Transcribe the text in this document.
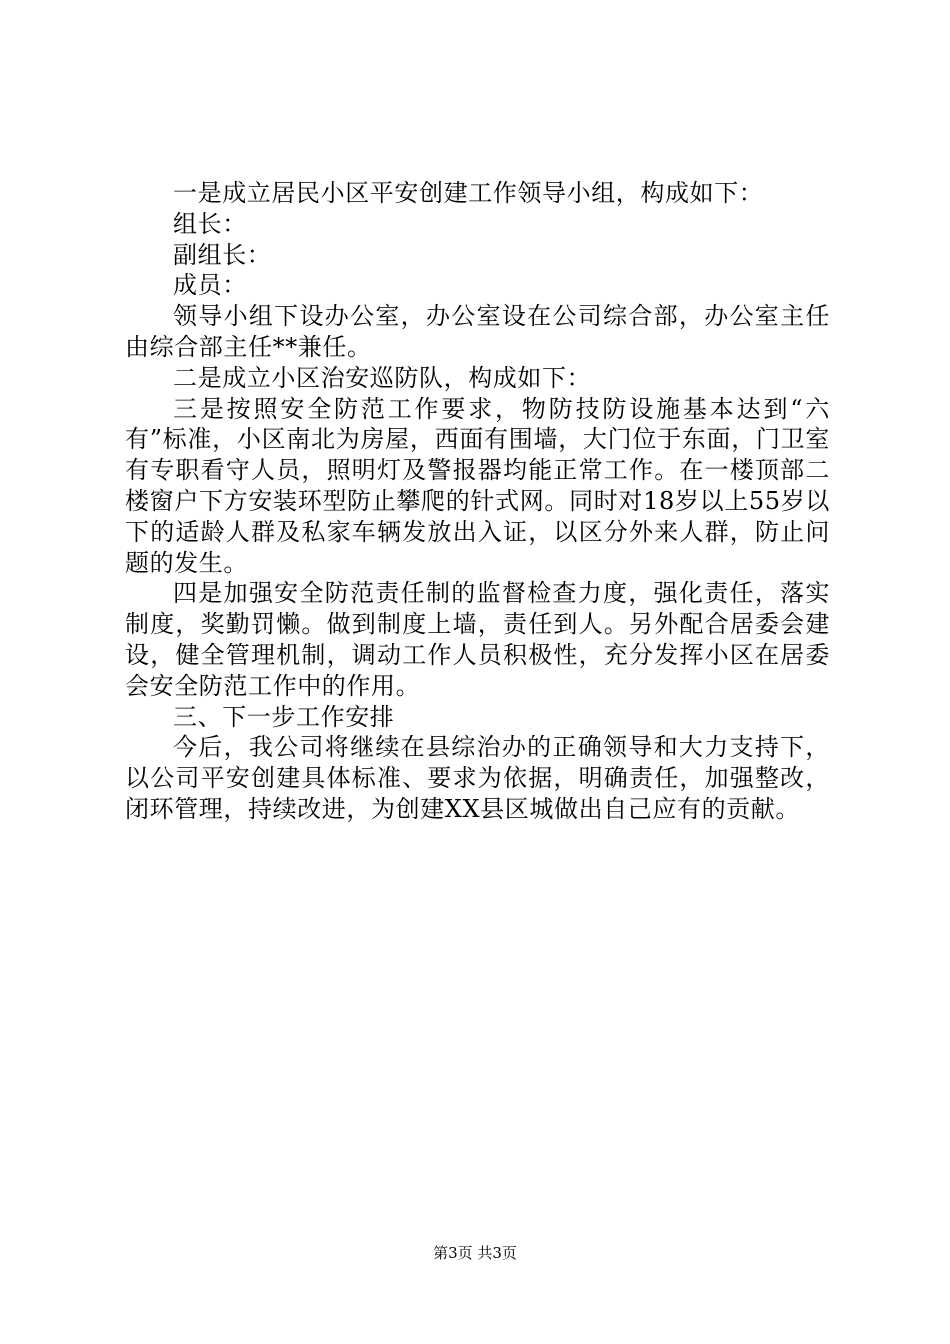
一是成立居民小区平安创建工作领导小组，构成如下：

组长：

副组长：

成员：

领导小组下设办公室，办公室设在公司综合部，办公室主任由综合部主任**兼任。

二是成立小区治安巡防队，构成如下：

三是按照安全防范工作要求，物防技防设施基本达到“六有”标准，小区南北为房屋，西面有围墙，大门位于东面，门卫室有专职看守人员，照明灯及警报器均能正常工作。在一楼顶部二楼窗户下方安装环型防止攀爬的针式网。同时对18岁以上55岁以下的适龄人群及私家车辆发放出入证，以区分外来人群，防止问题的发生。

四是加强安全防范责任制的监督检查力度，强化责任，落实制度，奖勤罚懒。做到制度上墙，责任到人。另外配合居委会建设，健全管理机制，调动工作人员积极性，充分发挥小区在居委会安全防范工作中的作用。

三、下一步工作安排

今后，我公司将继续在县综治办的正确领导和大力支持下，以公司平安创建具体标准、要求为依据，明确责任，加强整改，闭环管理，持续改进，为创建XX县区城做出自己应有的贡献。

第3页 共3页
